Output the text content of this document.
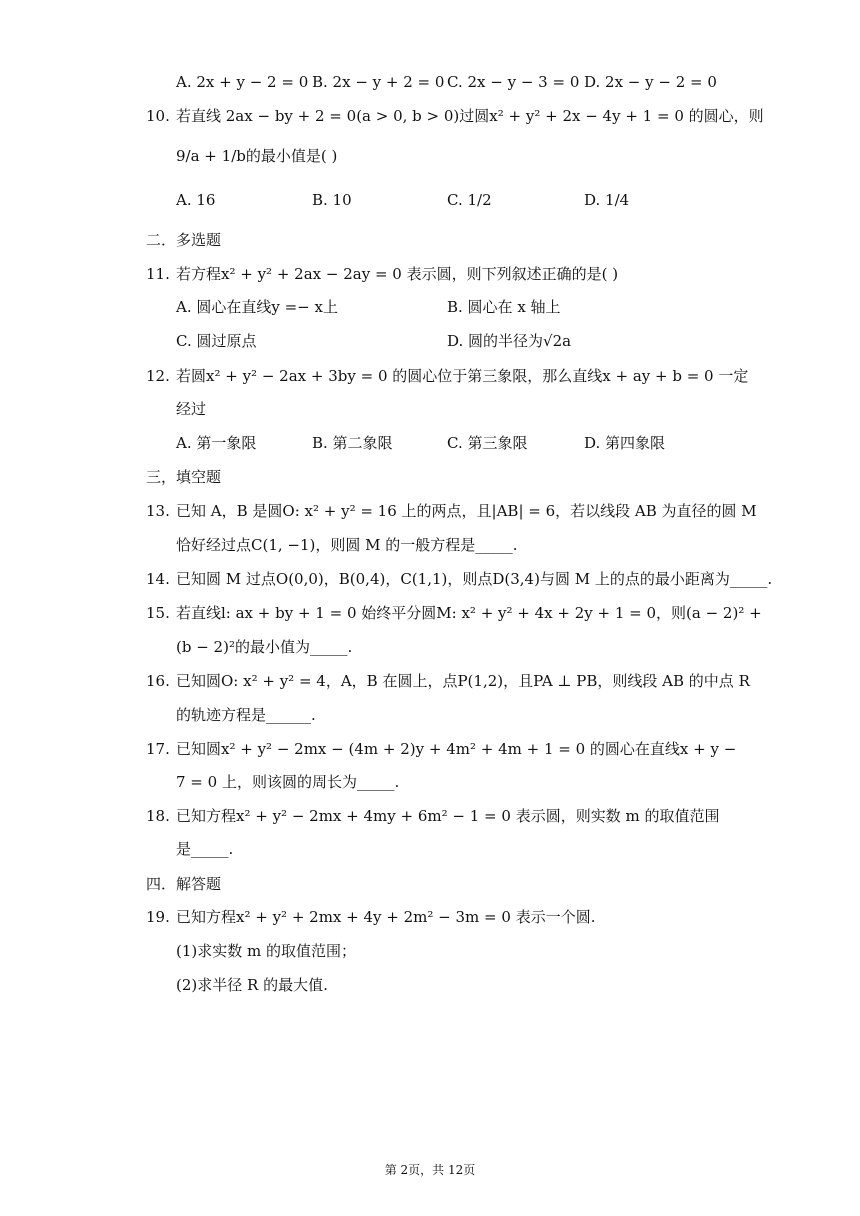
A. 2x + y − 2 = 0 B. 2x − y + 2 = 0 C. 2x − y − 3 = 0 D. 2x − y − 2 = 0
10. 若直线 2ax − by + 2 = 0(a > 0, b > 0)过圆x² + y² + 2x − 4y + 1 = 0 的圆心，则
9/a + 1/b的最小值是( )
A. 16	B. 10	C. 1/2	D. 1/4
二．多选题
11. 若方程x² + y² + 2ax − 2ay = 0 表示圆，则下列叙述正确的是( )
A. 圆心在直线y =− x上	B. 圆心在 x 轴上
C. 圆过原点	D. 圆的半径为√2a
12. 若圆x² + y² − 2ax + 3by = 0 的圆心位于第三象限，那么直线x + ay + b = 0 一定
经过
A. 第一象限	B. 第二象限	C. 第三象限	D. 第四象限
三，填空题
13. 已知 A，B 是圆O: x² + y² = 16 上的两点，且|AB| = 6，若以线段 AB 为直径的圆 M
恰好经过点C(1, −1)，则圆 M 的一般方程是_____.
14. 已知圆 M 过点O(0,0)，B(0,4)，C(1,1)，则点D(3,4)与圆 M 上的点的最小距离为_____.
15. 若直线l: ax + by + 1 = 0 始终平分圆M: x² + y² + 4x + 2y + 1 = 0，则(a − 2)² +
(b − 2)²的最小值为_____.
16. 已知圆O: x² + y² = 4，A，B 在圆上，点P(1,2)，且PA ⊥ PB，则线段 AB 的中点 R
的轨迹方程是______.
17. 已知圆x² + y² − 2mx − (4m + 2)y + 4m² + 4m + 1 = 0 的圆心在直线x + y −
7 = 0 上，则该圆的周长为_____.
18. 已知方程x² + y² − 2mx + 4my + 6m² − 1 = 0 表示圆，则实数 m 的取值范围
是_____.
四．解答题
19. 已知方程x² + y² + 2mx + 4y + 2m² − 3m = 0 表示一个圆.
(1)求实数 m 的取值范围；
(2)求半径 R 的最大值.
第 2页，共 12页
